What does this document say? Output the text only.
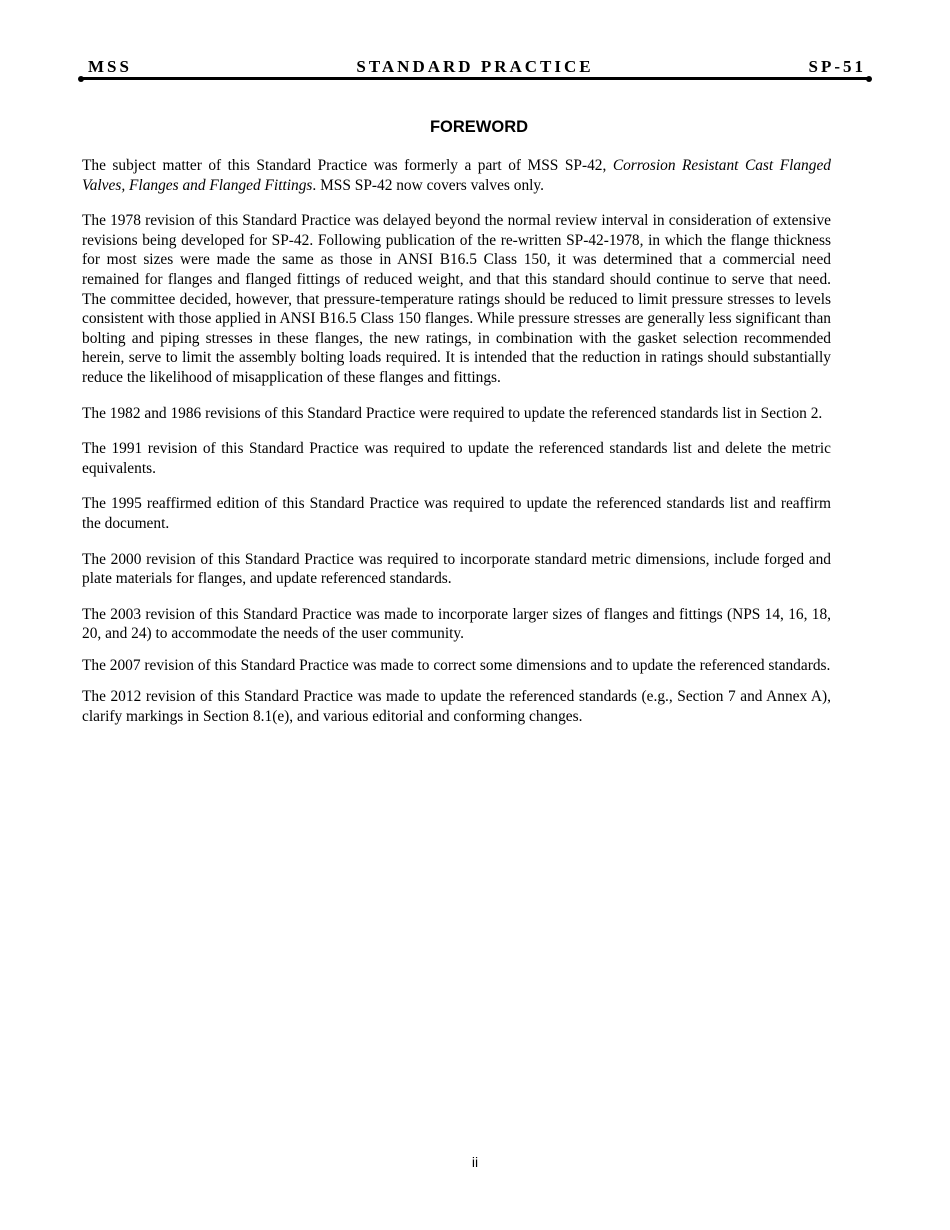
MSS	STANDARD PRACTICE	SP-51
FOREWORD

The subject matter of this Standard Practice was formerly a part of MSS SP-42, Corrosion Resistant Cast Flanged Valves, Flanges and Flanged Fittings. MSS SP-42 now covers valves only.

The 1978 revision of this Standard Practice was delayed beyond the normal review interval in consideration of extensive revisions being developed for SP-42. Following publication of the re-written SP-42-1978, in which the flange thickness for most sizes were made the same as those in ANSI B16.5 Class 150, it was determined that a commercial need remained for flanges and flanged fittings of reduced weight, and that this standard should continue to serve that need. The committee decided, however, that pressure-temperature ratings should be reduced to limit pressure stresses to levels consistent with those applied in ANSI B16.5 Class 150 flanges. While pressure stresses are generally less significant than bolting and piping stresses in these flanges, the new ratings, in combination with the gasket selection recommended herein, serve to limit the assembly bolting loads required. It is intended that the reduction in ratings should substantially reduce the likelihood of misapplication of these flanges and fittings.

The 1982 and 1986 revisions of this Standard Practice were required to update the referenced standards list in Section 2.

The 1991 revision of this Standard Practice was required to update the referenced standards list and delete the metric equivalents.

The 1995 reaffirmed edition of this Standard Practice was required to update the referenced standards list and reaffirm the document.

The 2000 revision of this Standard Practice was required to incorporate standard metric dimensions, include forged and plate materials for flanges, and update referenced standards.

The 2003 revision of this Standard Practice was made to incorporate larger sizes of flanges and fittings (NPS 14, 16, 18, 20, and 24) to accommodate the needs of the user community.

The 2007 revision of this Standard Practice was made to correct some dimensions and to update the referenced standards.

The 2012 revision of this Standard Practice was made to update the referenced standards (e.g., Section 7 and Annex A), clarify markings in Section 8.1(e), and various editorial and conforming changes.

ii
